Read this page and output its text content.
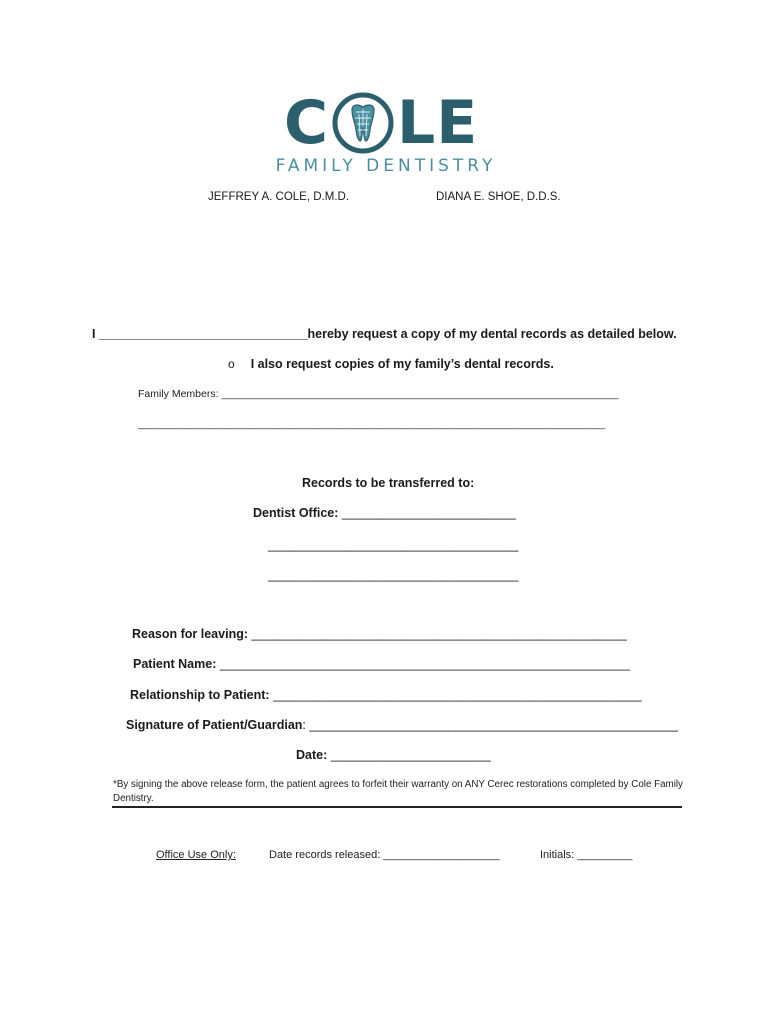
C LE
FAMILY DENTISTRY
JEFFREY A. COLE, D.M.D.	DIANA E. SHOE, D.D.S.
I ______________________________hereby request a copy of my dental records as detailed below.
o I also request copies of my family’s dental records.
Family Members: ____________________________________________________________________
________________________________________________________________________________
Records to be transferred to:
Dentist Office: _________________________
____________________________________
____________________________________
Reason for leaving: ______________________________________________________
Patient Name: ___________________________________________________________
Relationship to Patient: _____________________________________________________
Signature of Patient/Guardian: _____________________________________________________
Date: _______________________
*By signing the above release form, the patient agrees to forfeit their warranty on ANY Cerec restorations completed by Cole Family Dentistry.
Office Use Only:	Date records released: ___________________	Initials: _________
